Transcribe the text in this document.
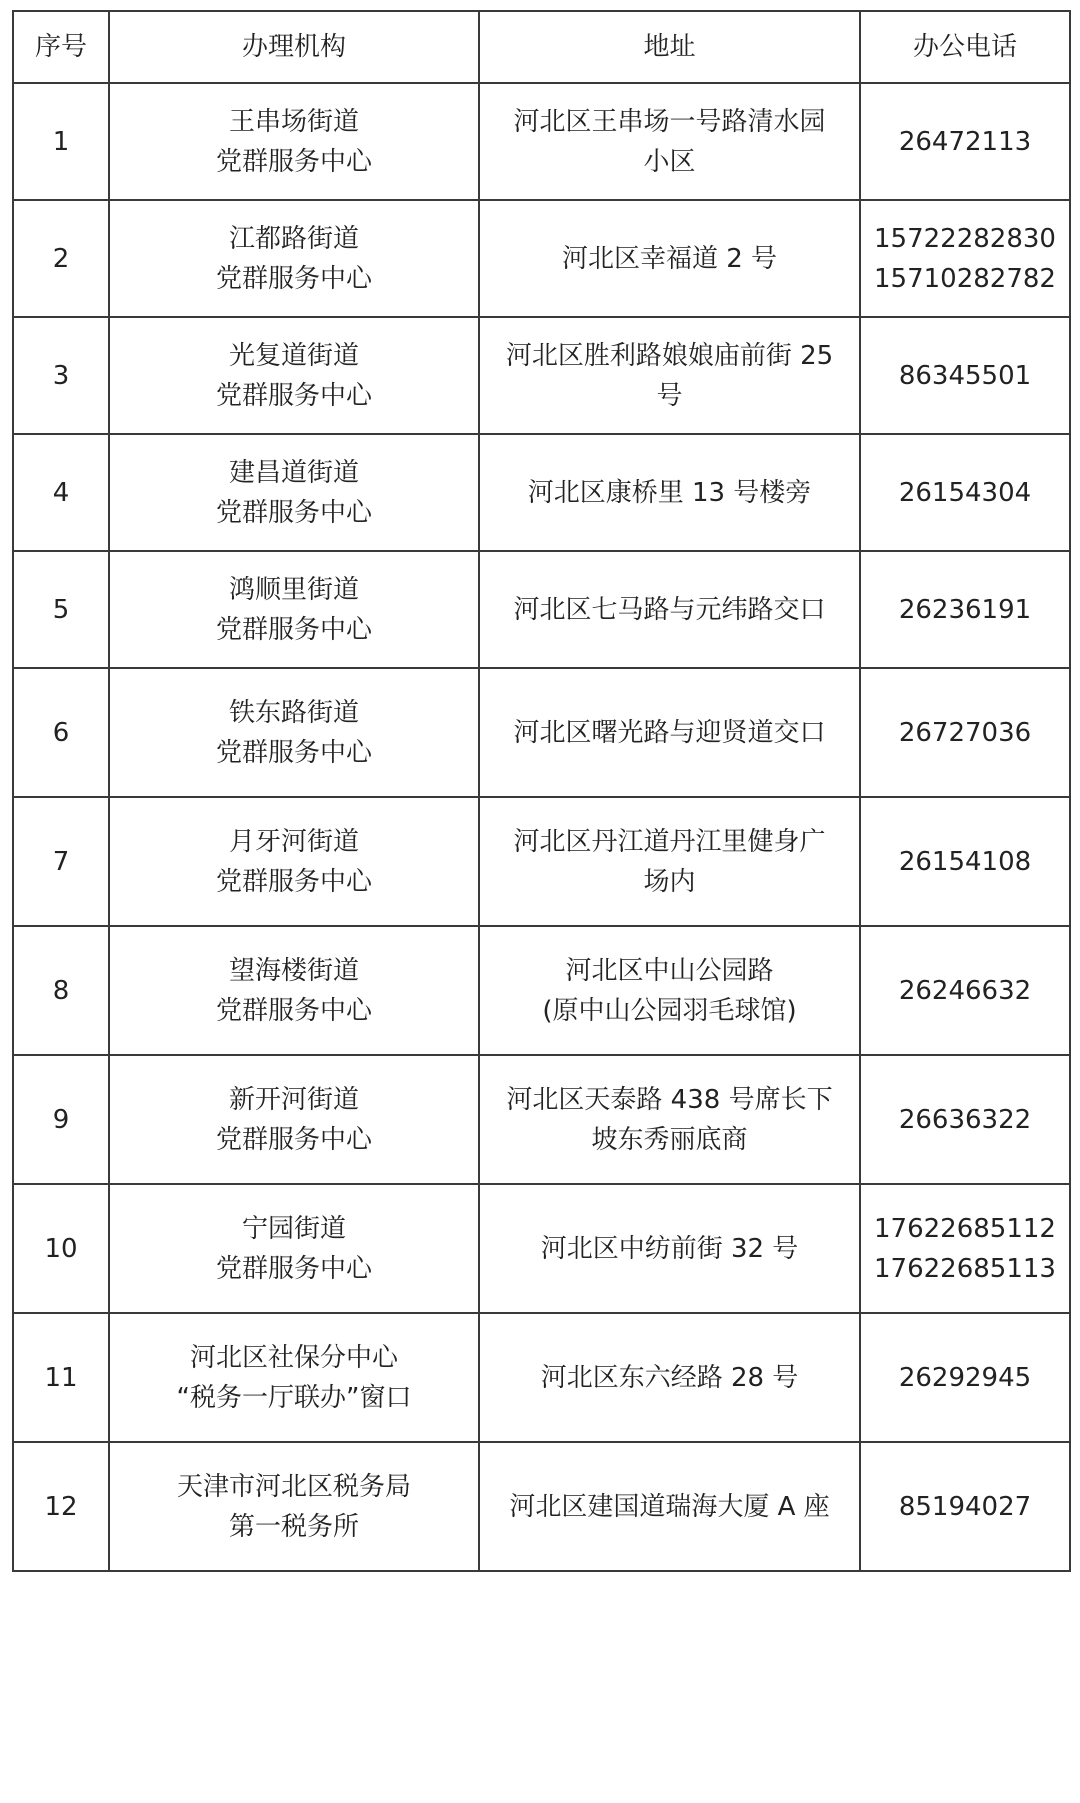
序号	办理机构	地址	办公电话
1	王串场街道
党群服务中心	河北区王串场一号路清水园
小区	26472113

2	江都路街道
党群服务中心	河北区幸福道 2 号	15722282830
15710282782

3	光复道街道
党群服务中心	河北区胜利路娘娘庙前街 25
号	86345501

4	建昌道街道
党群服务中心	河北区康桥里 13 号楼旁	26154304

5	鸿顺里街道
党群服务中心	河北区七马路与元纬路交口	26236191

6	铁东路街道
党群服务中心	河北区曙光路与迎贤道交口	26727036

7	月牙河街道
党群服务中心	河北区丹江道丹江里健身广
场内	26154108

8	望海楼街道
党群服务中心	河北区中山公园路
(原中山公园羽毛球馆)	26246632

9	新开河街道
党群服务中心	河北区天泰路 438 号席长下
坡东秀丽底商	26636322

10	宁园街道
党群服务中心	河北区中纺前街 32 号	17622685112
17622685113

11	河北区社保分中心
“税务一厅联办”窗口	河北区东六经路 28 号	26292945

12	天津市河北区税务局
第一税务所	河北区建国道瑞海大厦 A 座	85194027
